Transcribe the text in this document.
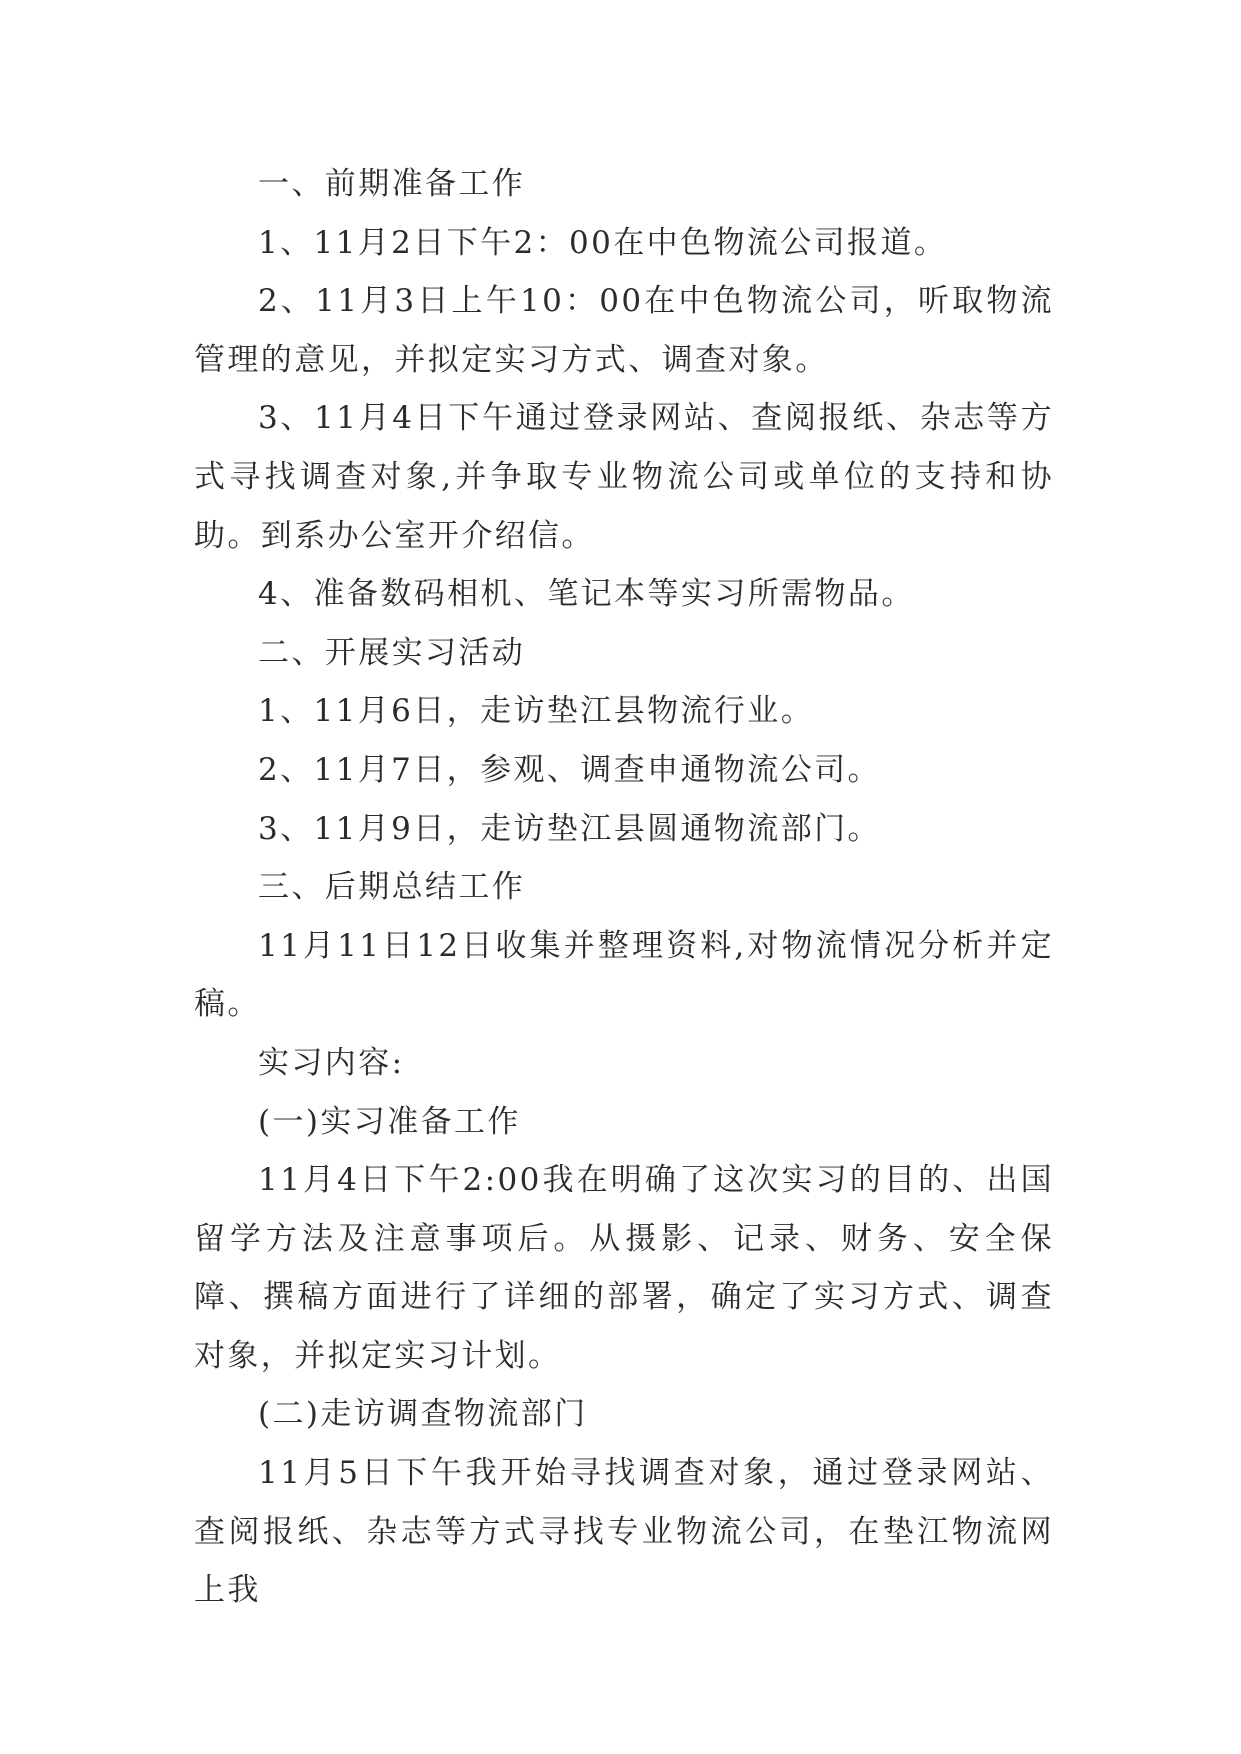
一、前期准备工作

1、11月2日下午2：00在中色物流公司报道。

2、11月3日上午10：00在中色物流公司，听取物流管理的意见，并拟定实习方式、调查对象。

3、11月4日下午通过登录网站、查阅报纸、杂志等方式寻找调查对象,并争取专业物流公司或单位的支持和协助。到系办公室开介绍信。

4、准备数码相机、笔记本等实习所需物品。

二、开展实习活动

1、11月6日，走访垫江县物流行业。

2、11月7日，参观、调查申通物流公司。

3、11月9日，走访垫江县圆通物流部门。

三、后期总结工作

11月11日12日收集并整理资料,对物流情况分析并定稿。

实习内容:

(一)实习准备工作

11月4日下午2:00我在明确了这次实习的目的、出国留学方法及注意事项后。从摄影、记录、财务、安全保障、撰稿方面进行了详细的部署，确定了实习方式、调查对象，并拟定实习计划。

(二)走访调查物流部门

11月5日下午我开始寻找调查对象，通过登录网站、查阅报纸、杂志等方式寻找专业物流公司，在垫江物流网上我
